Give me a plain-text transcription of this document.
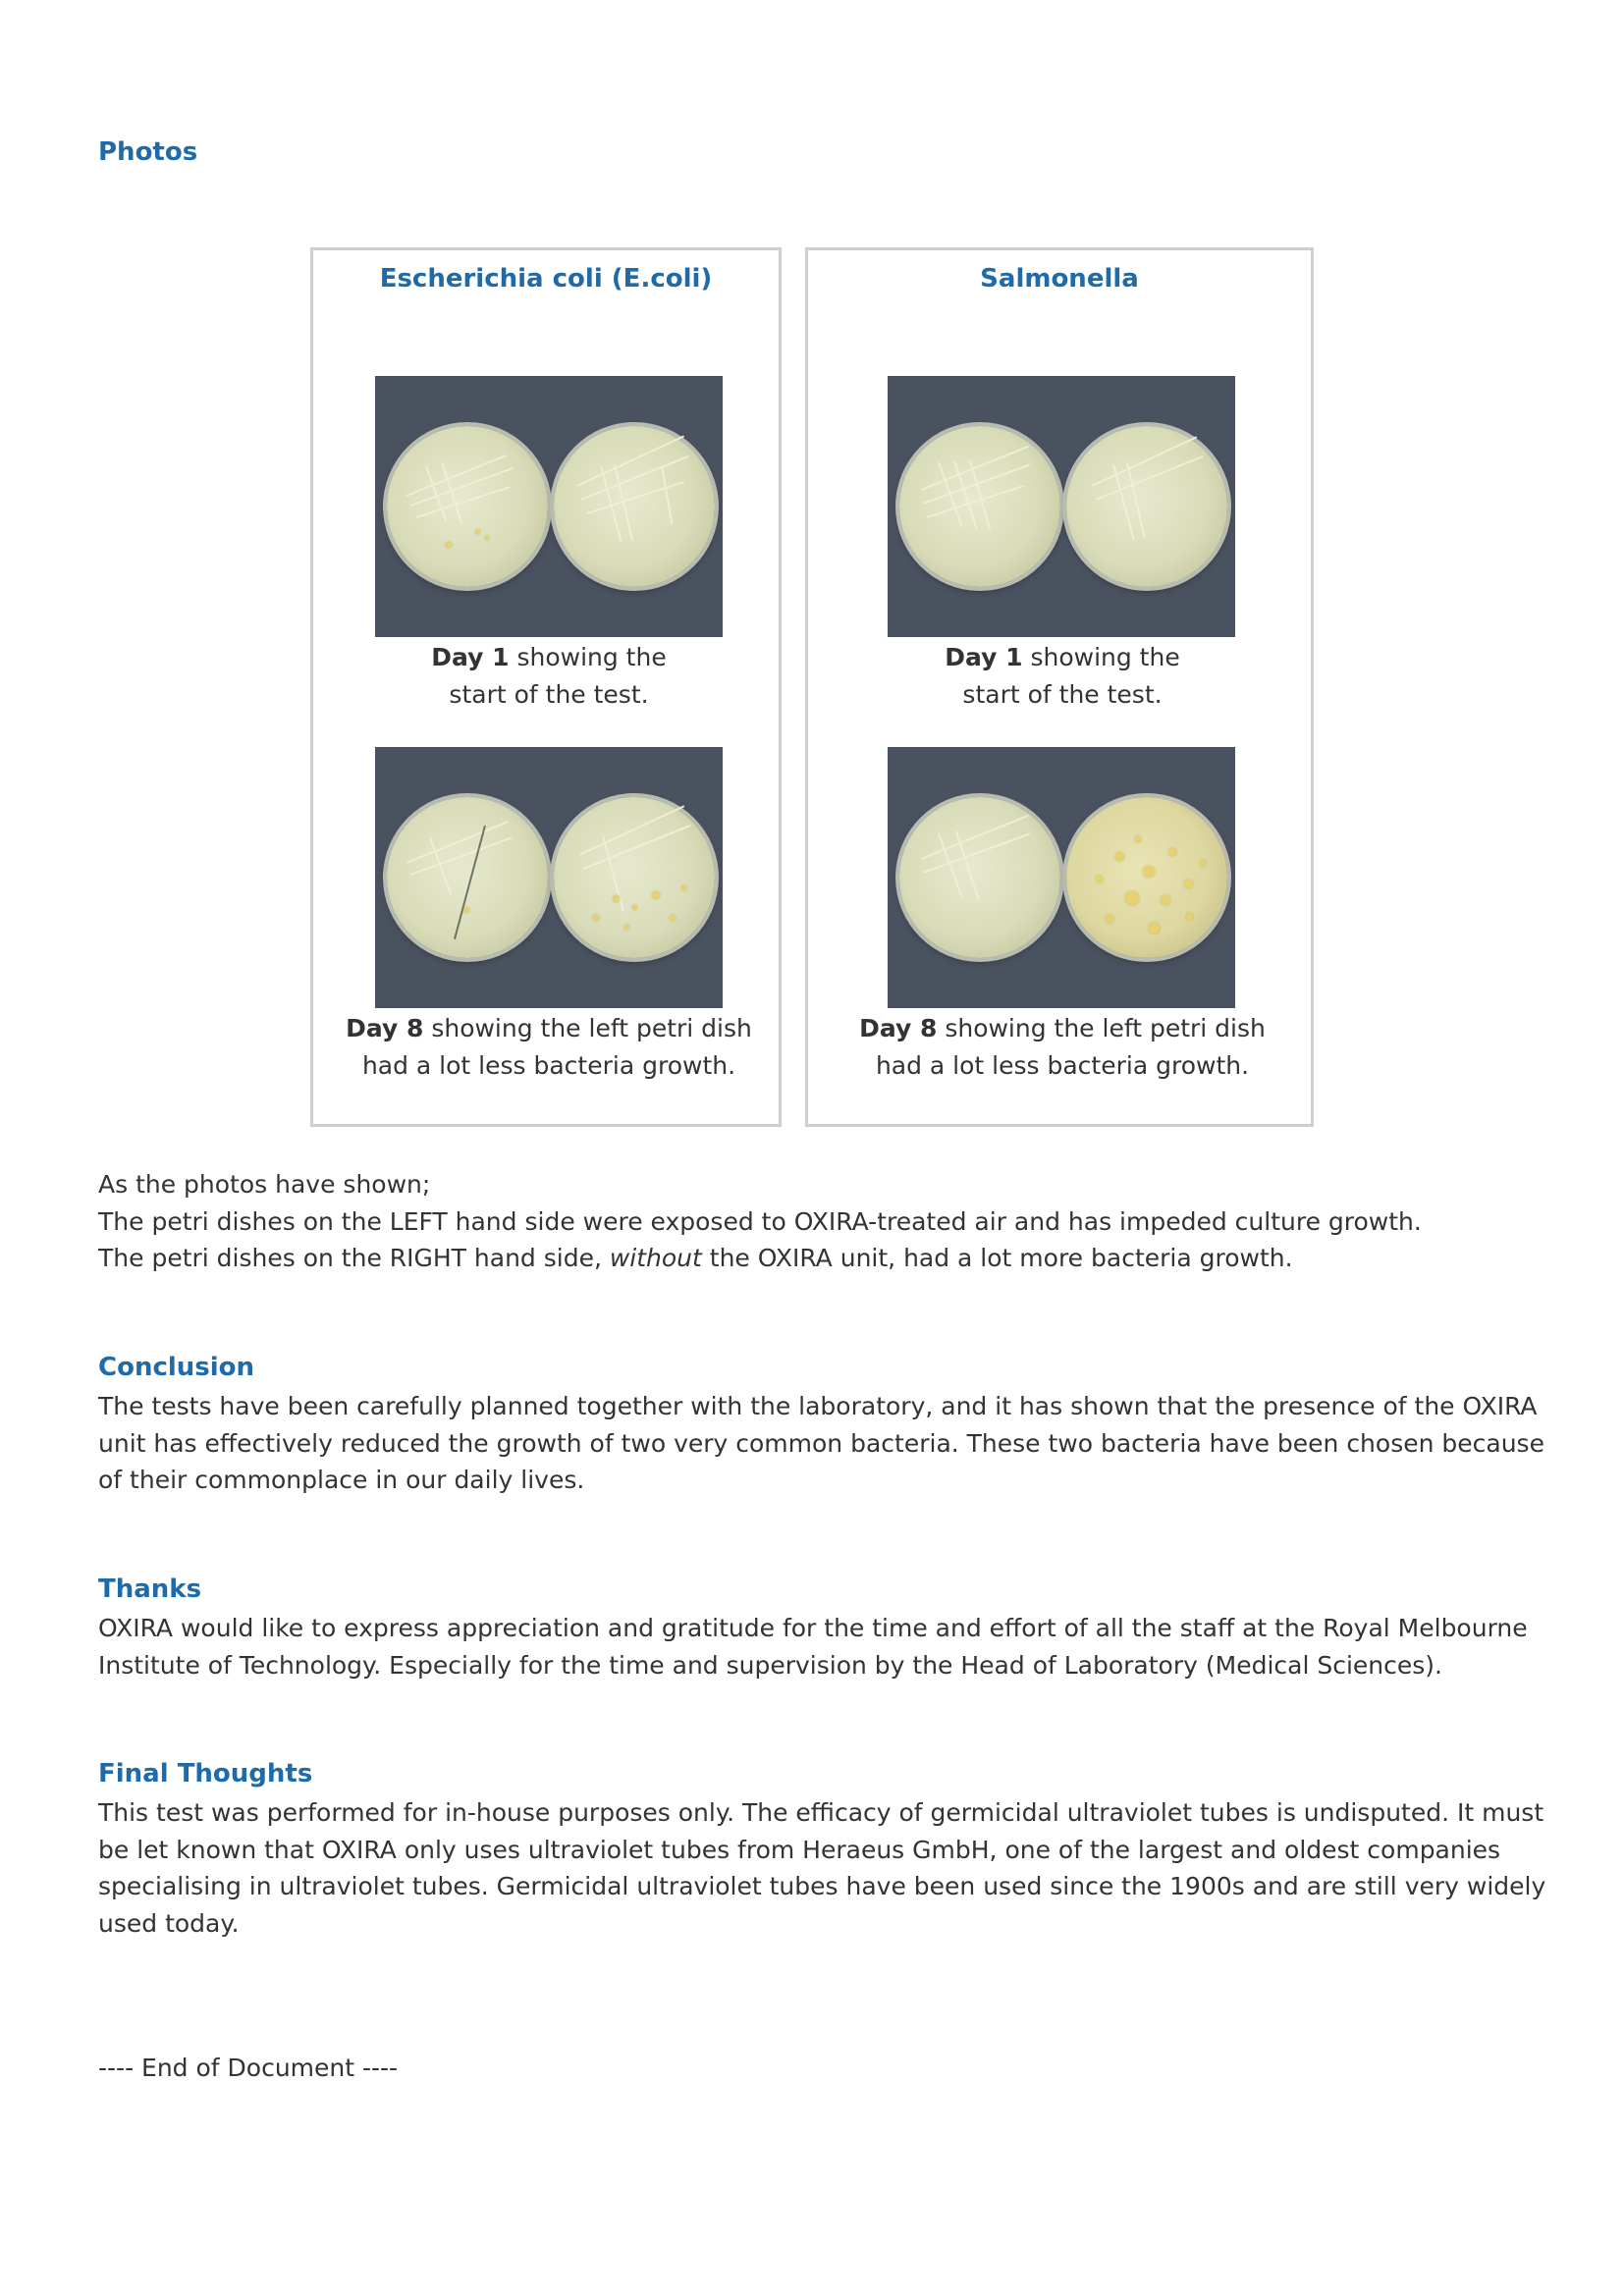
Photos
Escherichia coli (E.coli)
Day 1 showing the
start of the test.
Day 8 showing the left petri dish
had a lot less bacteria growth.
Salmonella
Day 1 showing the
start of the test.
Day 8 showing the left petri dish
had a lot less bacteria growth.
As the photos have shown;
The petri dishes on the LEFT hand side were exposed to OXIRA-treated air and has impeded culture growth.
The petri dishes on the RIGHT hand side, without the OXIRA unit, had a lot more bacteria growth.
Conclusion

The tests have been carefully planned together with the laboratory, and it has shown that the presence of the OXIRA unit has effectively reduced the growth of two very common bacteria. These two bacteria have been chosen because of their commonplace in our daily lives.

Thanks

OXIRA would like to express appreciation and gratitude for the time and effort of all the staff at the Royal Melbourne Institute of Technology. Especially for the time and supervision by the Head of Laboratory (Medical Sciences).

Final Thoughts

This test was performed for in-house purposes only. The efficacy of germicidal ultraviolet tubes is undisputed. It must be let known that OXIRA only uses ultraviolet tubes from Heraeus GmbH, one of the largest and oldest companies specialising in ultraviolet tubes. Germicidal ultraviolet tubes have been used since the 1900s and are still very widely used today.

---- End of Document ----
